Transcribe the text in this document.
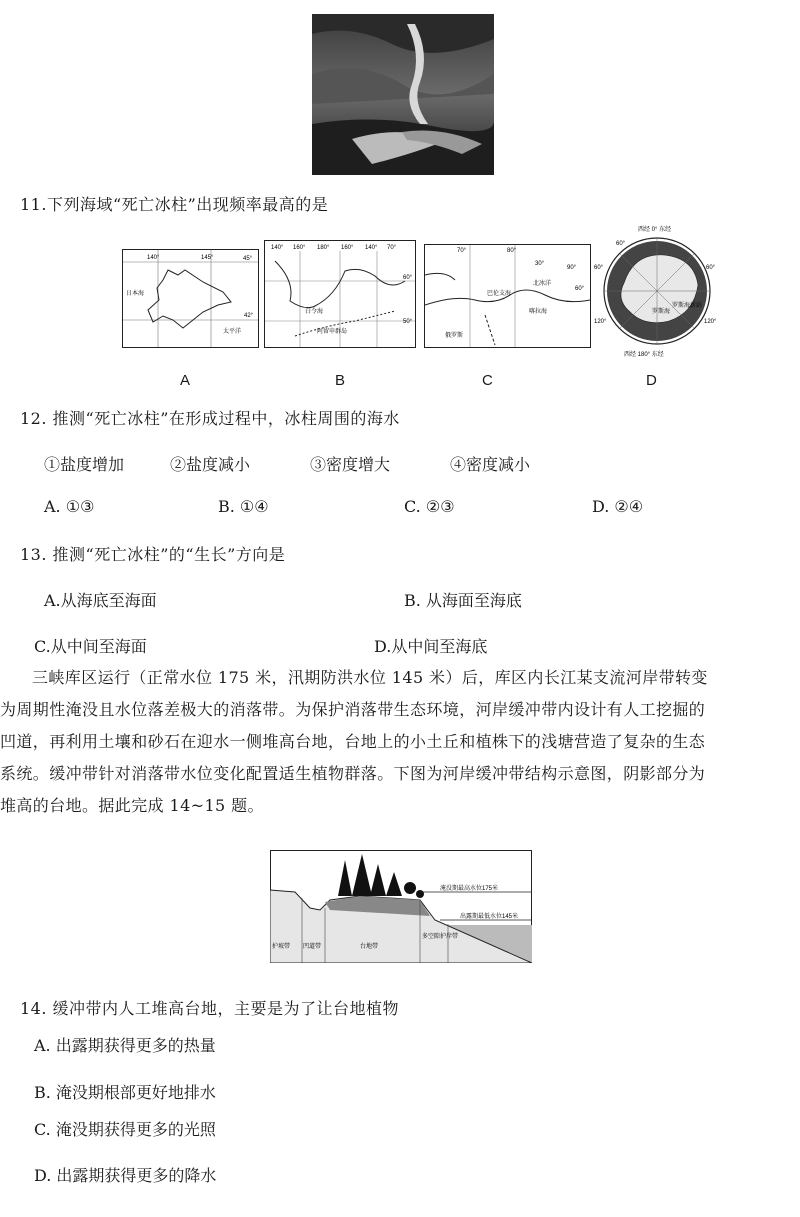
11.下列海域“死亡冰柱”出现频率最高的是
140°	145°	45°
日本海
42°
太平洋
A
140° 160° 180° 160° 140° 70°
60°
50°
白令海
阿留申群岛
B
70°	80°
30°
90°
60°
巴伦支海
北冰洋
喀拉海
俄罗斯
C
西经 0° 东经
60°
60°	60°
120°	120°
罗斯海
罗斯海新站
西经 180° 东经
D
12. 推测“死亡冰柱”在形成过程中，冰柱周围的海水
①盐度增加	②盐度减小	③密度增大	④密度减小
A. ①③	B. ①④	C. ②③	D. ②④
13. 推测“死亡冰柱”的“生长”方向是
A.从海底至海面	B. 从海面至海底
C.从中间至海面	D.从中间至海底
三峡库区运行（正常水位 175 米，汛期防洪水位 145 米）后，库区内长江某支流河岸带转变
为周期性淹没且水位落差极大的消落带。为保护消落带生态环境，河岸缓冲带内设计有人工挖掘的
凹道，再利用土壤和砂石在迎水一侧堆高台地，台地上的小土丘和植株下的浅塘营造了复杂的生态
系统。缓冲带针对消落带水位变化配置适生植物群落。下图为河岸缓冲带结构示意图，阴影部分为
堆高的台地。据此完成 14~15 题。
淹没期最高水位175米
出露期最低水位145米
护坡带 凹道带	台地带
多空隙护岸带
14. 缓冲带内人工堆高台地，主要是为了让台地植物
A. 出露期获得更多的热量
B. 淹没期根部更好地排水
C. 淹没期获得更多的光照
D. 出露期获得更多的降水
